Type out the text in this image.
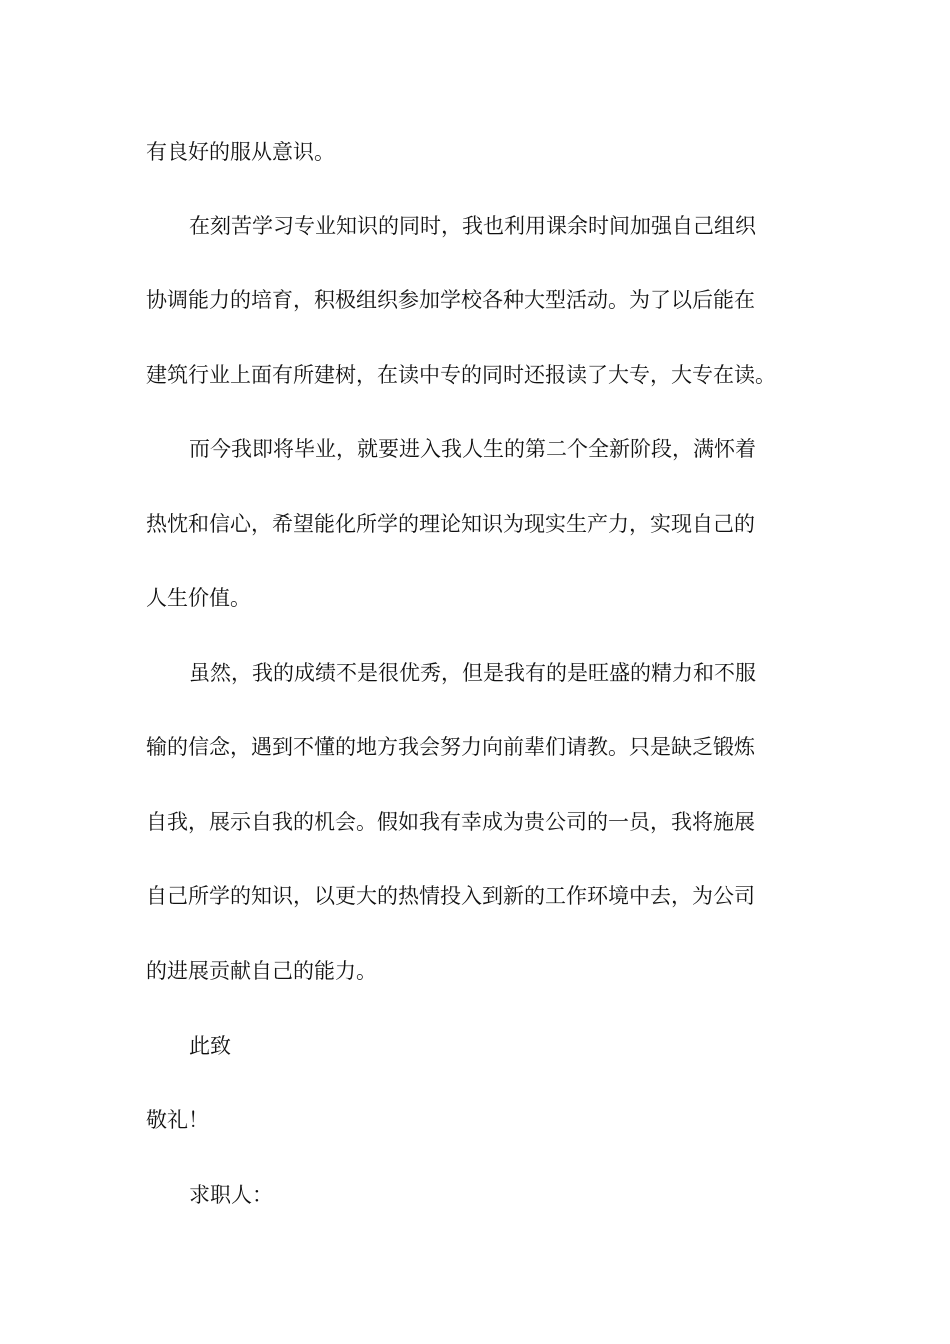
有良好的服从意识。
在刻苦学习专业知识的同时，我也利用课余时间加强自己组织
协调能力的培育，积极组织参加学校各种大型活动。为了以后能在
建筑行业上面有所建树，在读中专的同时还报读了大专，大专在读。
而今我即将毕业，就要进入我人生的第二个全新阶段，满怀着
热忱和信心，希望能化所学的理论知识为现实生产力，实现自己的
人生价值。
虽然，我的成绩不是很优秀，但是我有的是旺盛的精力和不服
输的信念，遇到不懂的地方我会努力向前辈们请教。只是缺乏锻炼
自我，展示自我的机会。假如我有幸成为贵公司的一员，我将施展
自己所学的知识，以更大的热情投入到新的工作环境中去，为公司
的进展贡献自己的能力。
此致
敬礼！
求职人：
